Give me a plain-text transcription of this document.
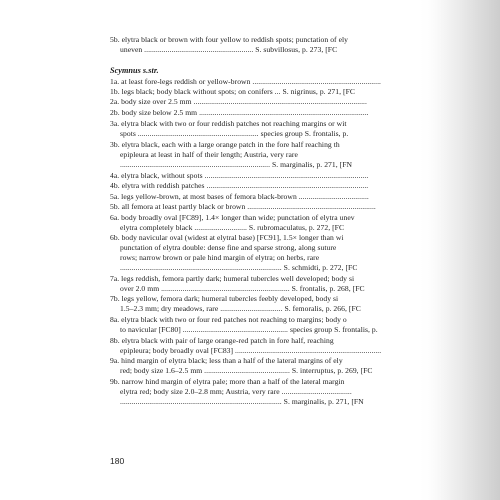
5b. elytra black or brown with four yellow to reddish spots; punctation of ely
uneven ........................................................ S. subvillosus, p. 273, [FC
Scymnus s.str.
1a. at least fore-legs reddish or yellow-brown ..................................................................
1b. legs black; body black without spots; on conifers ... S. nigrinus, p. 271, [FC
2a. body size over 2.5 mm .........................................................................................
2b. body size below 2.5 mm .......................................................................................
3a. elytra black with two or four reddish patches not reaching margins or wit
spots .............................................................. species group S. frontalis, p.
3b. elytra black, each with a large orange patch in the fore half reaching th
epipleura at least in half of their length; Austria, very rare
............................................................................. S. marginalis, p. 271, [FN
4a. elytra black, without spots ....................................................................................
4b. elytra with reddish patches ...................................................................................
5a. legs yellow-brown, at most bases of femora black-brown ....................................
5b. all femora at least partly black or brown ..................................................................
6a. body broadly oval [FC89], 1.4× longer than wide; punctation of elytra unev
elytra completely black ........................... S. rubromaculatus, p. 272, [FC
6b. body navicular oval (widest at elytral base) [FC91], 1.5× longer than wi
punctation of elytra double: dense fine and sparse strong, along suture
rows; narrow brown or pale hind margin of elytra; on herbs, rare
................................................................................... S. schmidti, p. 272, [FC
7a. legs reddish, femora partly dark; humeral tubercles well developed; body si
over 2.0 mm .................................................................. S. frontalis, p. 268, [FC
7b. legs yellow, femora dark; humeral tubercles feebly developed, body si
1.5–2.3 mm; dry meadows, rare ................................ S. femoralis, p. 266, [FC
8a. elytra black with two or four red patches not reaching to margins; body o
to navicular [FC80] ...................................................... species group S. frontalis, p.
8b. elytra black with pair of large orange-red patch in fore half, reaching
epipleura; body broadly oval [FC83] ...........................................................................
9a. hind margin of elytra black; less than a half of the lateral margins of ely
red; body size 1.6–2.5 mm ............................................ S. interruptus, p. 269, [FC
9b. narrow hind margin of elytra pale; more than a half of the lateral margin
elytra red; body size 2.0–2.8 mm; Austria, very rare ....................................
................................................................................... S. marginalis, p. 271, [FN
180
